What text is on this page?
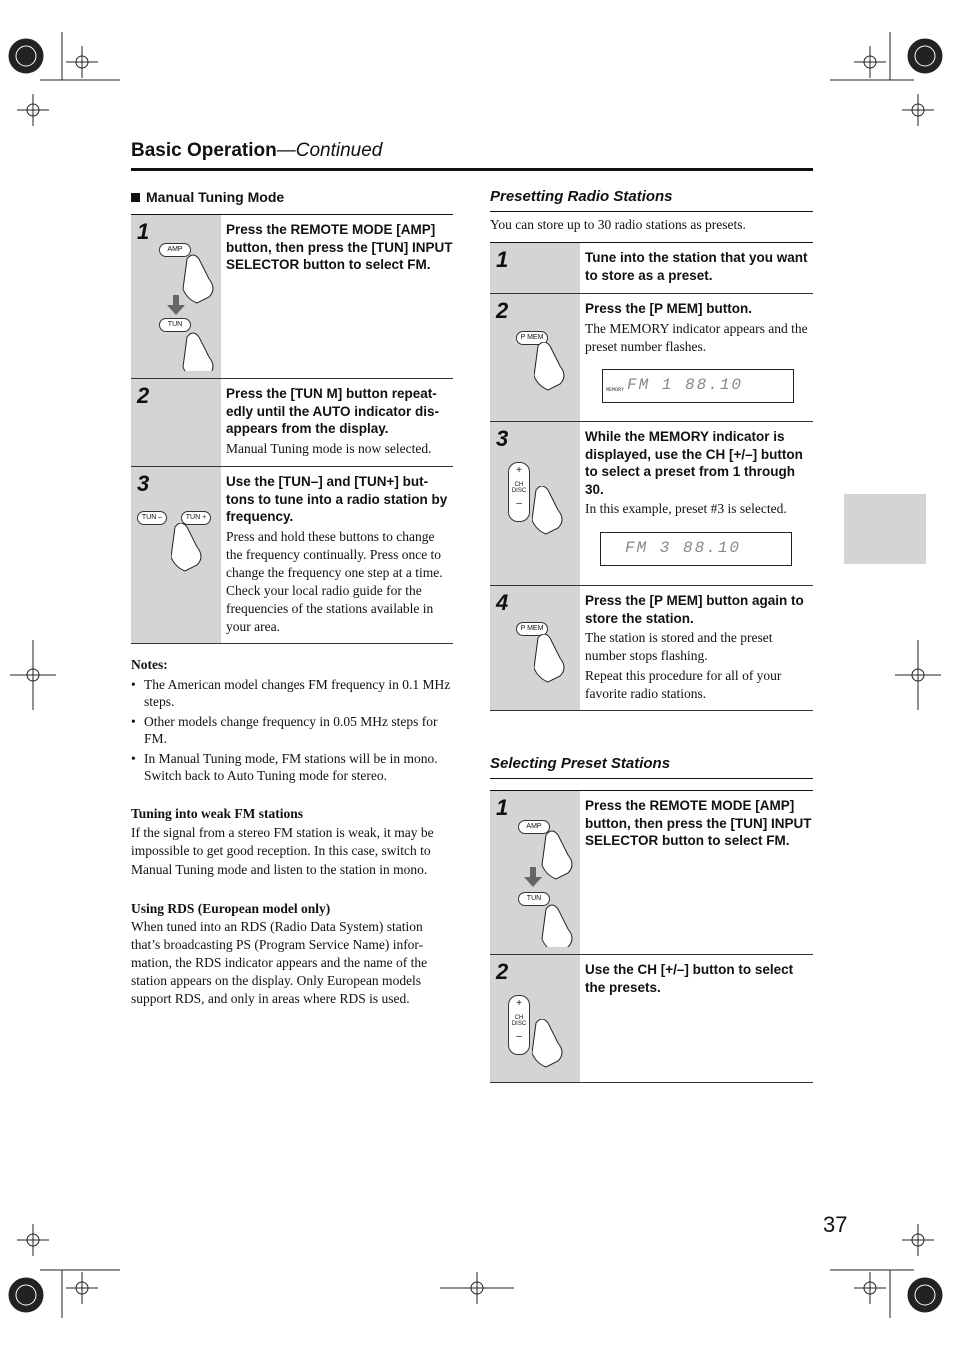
Basic Operation—Continued
Manual Tuning Mode
1
AMP
TUN
Press the REMOTE MODE [AMP] button, then press the [TUN] INPUT SELECTOR button to select FM.
2	Press the [TUN M] button repeat-edly until the AUTO indicator dis-appears from the display.
Manual Tuning mode is now selected.
3
TUN –	TUN +
Use the [TUN–] and [TUN+] but-tons to tune into a radio station by frequency.
Press and hold these buttons to change the frequency continually. Press once to change the frequency one step at a time. Check your local radio guide for the frequencies of the stations available in your area.
Notes:
• The American model changes FM frequency in 0.1 MHz steps.
• Other models change frequency in 0.05 MHz steps for FM.
• In Manual Tuning mode, FM stations will be in mono. Switch back to Auto Tuning mode for stereo.
Tuning into weak FM stations
If the signal from a stereo FM station is weak, it may be impossible to get good reception. In this case, switch to Manual Tuning mode and listen to the station in mono.
Using RDS (European model only)
When tuned into an RDS (Radio Data System) station that’s broadcasting PS (Program Service Name) infor-mation, the RDS indicator appears and the name of the station appears on the display. Only European models support RDS, and only in areas where RDS is used.
Presetting Radio Stations
You can store up to 30 radio stations as presets.
1	Tune into the station that you want to store as a preset.
2
P MEM
Press the [P MEM] button.
The MEMORY indicator appears and the preset number flashes.
MEMORY FM 1 88.10
3
+
CH
DISC
–
While the MEMORY indicator is displayed, use the CH [+/–] button to select a preset from 1 through 30.
In this example, preset #3 is selected.
FM 3 88.10
4
P MEM
Press the [P MEM] button again to store the station.
The station is stored and the preset number stops flashing.
Repeat this procedure for all of your favorite radio stations.
Selecting Preset Stations
1
AMP
TUN
Press the REMOTE MODE [AMP] button, then press the [TUN] INPUT SELECTOR button to select FM.
2
+
CH
DISC
–
Use the CH [+/–] button to select the presets.
37
